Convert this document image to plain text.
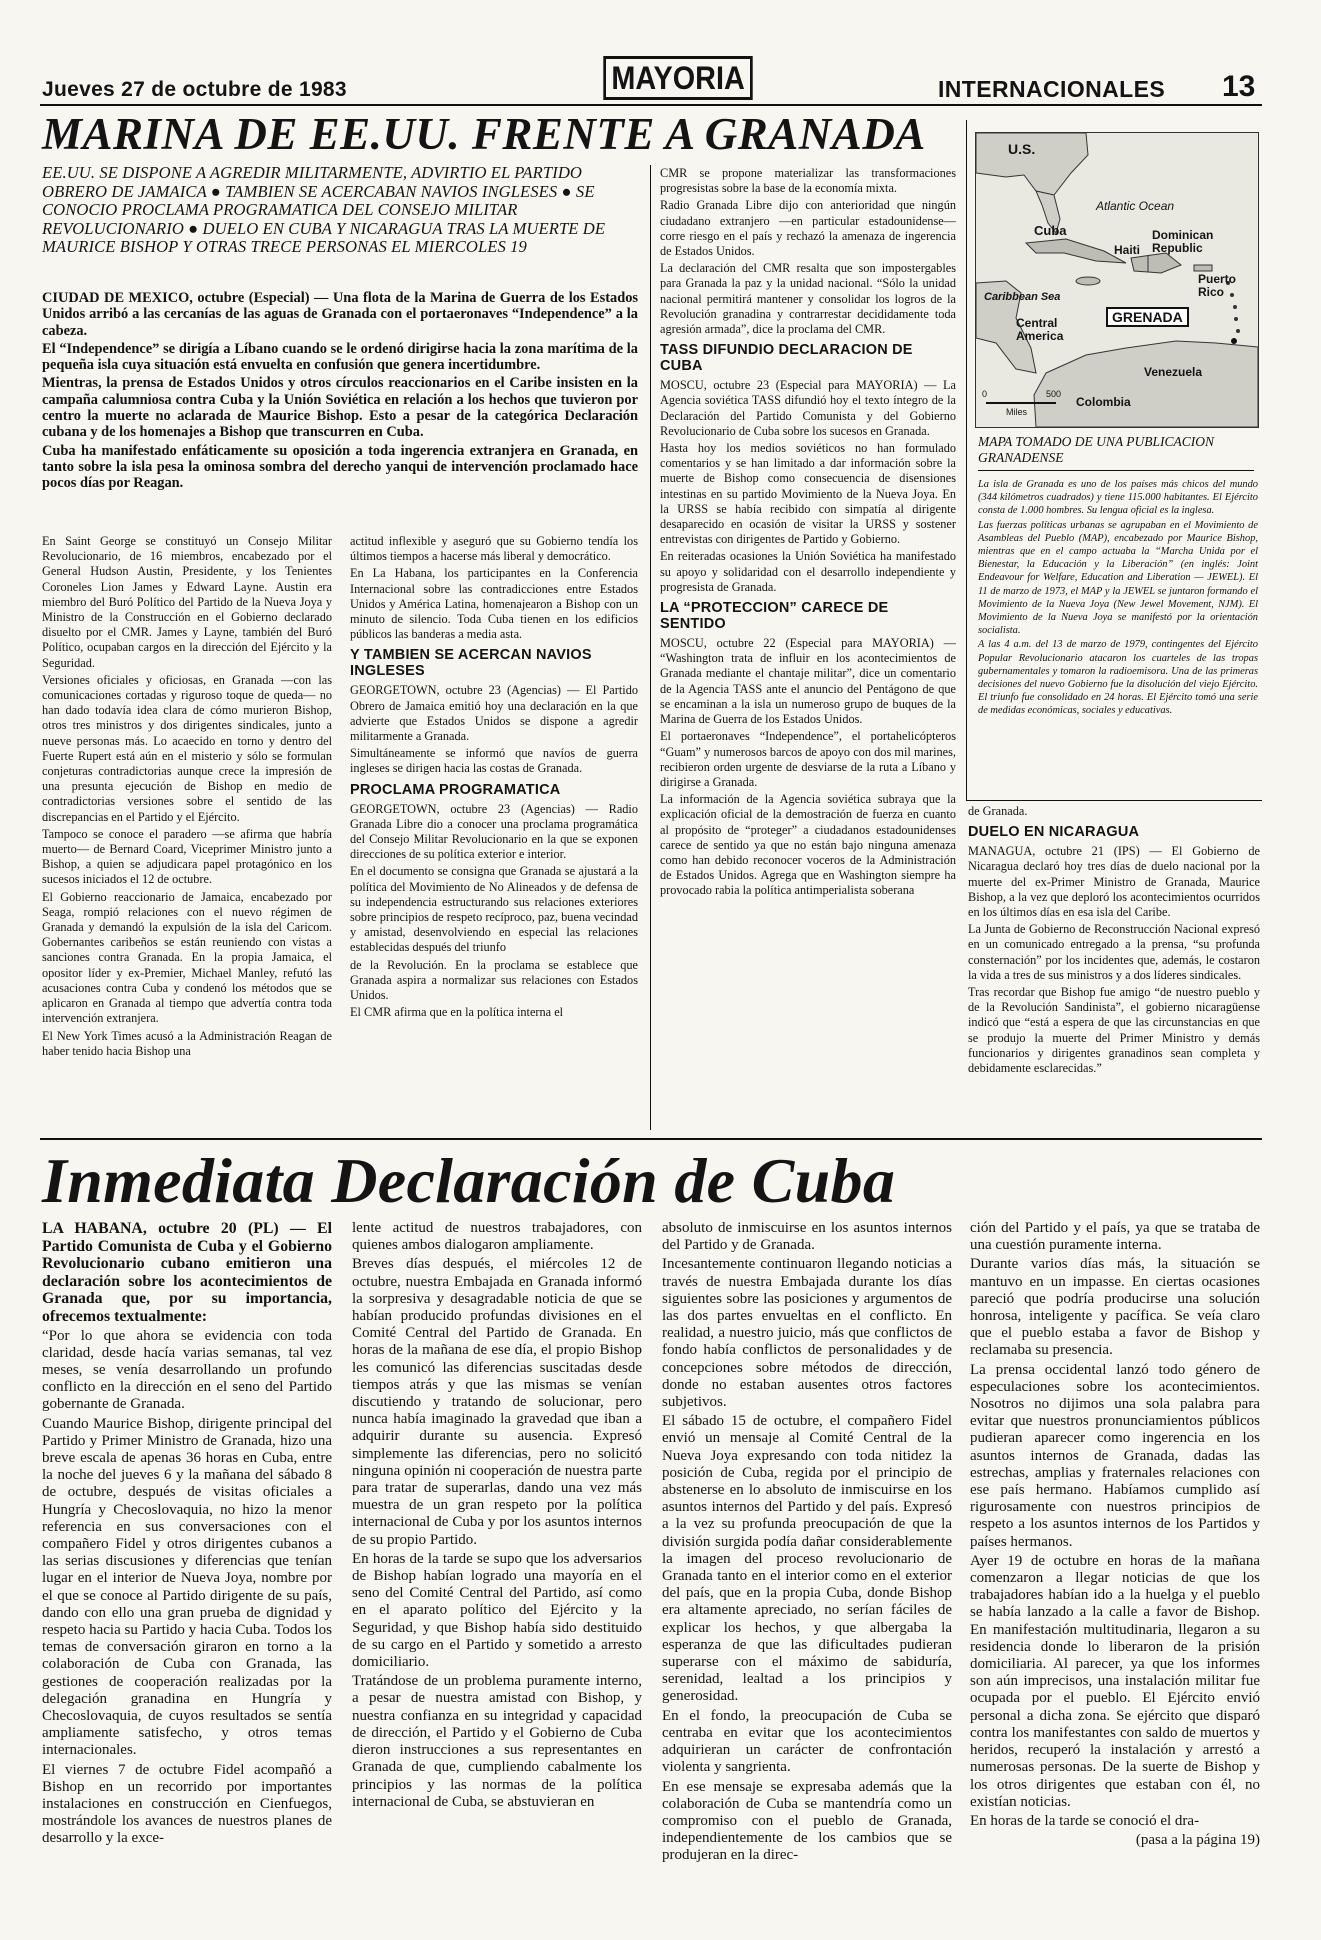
Jueves 27 de octubre de 1983	MAYORIA	INTERNACIONALES 13
MARINA DE EE.UU. FRENTE A GRANADA
EE.UU. SE DISPONE A AGREDIR MILITARMENTE, ADVIRTIO EL PARTIDO OBRERO DE JAMAICA ● TAMBIEN SE ACERCABAN NAVIOS INGLESES ● SE CONOCIO PROCLAMA PROGRAMATICA DEL CONSEJO MILITAR REVOLUCIONARIO ● DUELO EN CUBA Y NICARAGUA TRAS LA MUERTE DE MAURICE BISHOP Y OTRAS TRECE PERSONAS EL MIERCOLES 19

CIUDAD DE MEXICO, octubre (Especial) — Una flota de la Marina de Guerra de los Estados Unidos arribó a las cercanías de las aguas de Granada con el portaeronaves “Independence” a la cabeza.

El “Independence” se dirigía a Líbano cuando se le ordenó dirigirse hacia la zona marítima de la pequeña isla cuya situación está envuelta en confusión que genera incertidumbre.

Mientras, la prensa de Estados Unidos y otros círculos reaccionarios en el Caribe insisten en la campaña calumniosa contra Cuba y la Unión Soviética en relación a los hechos que tuvieron por centro la muerte no aclarada de Maurice Bishop. Esto a pesar de la categórica Declaración cubana y de los homenajes a Bishop que transcurren en Cuba.

Cuba ha manifestado enfáticamente su oposición a toda ingerencia extranjera en Granada, en tanto sobre la isla pesa la ominosa sombra del derecho yanqui de intervención proclamado hace pocos días por Reagan.

En Saint George se constituyó un Consejo Militar Revolucionario, de 16 miembros, encabezado por el General Hudson Austin, Presidente, y los Tenientes Coroneles Lion James y Edward Layne. Austin era miembro del Buró Político del Partido de la Nueva Joya y Ministro de la Construcción en el Gobierno declarado disuelto por el CMR. James y Layne, también del Buró Político, ocupaban cargos en la dirección del Ejército y la Seguridad.

Versiones oficiales y oficiosas, en Granada —con las comunicaciones cortadas y riguroso toque de queda— no han dado todavía idea clara de cómo murieron Bishop, otros tres ministros y dos dirigentes sindicales, junto a nueve personas más. Lo acaecido en torno y dentro del Fuerte Rupert está aún en el misterio y sólo se formulan conjeturas contradictorias aunque crece la impresión de una presunta ejecución de Bishop en medio de contradictorias versiones sobre el sentido de las discrepancias en el Partido y el Ejército.

Tampoco se conoce el paradero —se afirma que habría muerto— de Bernard Coard, Viceprimer Ministro junto a Bishop, a quien se adjudicara papel protagónico en los sucesos iniciados el 12 de octubre.

El Gobierno reaccionario de Jamaica, encabezado por Seaga, rompió relaciones con el nuevo régimen de Granada y demandó la expulsión de la isla del Caricom. Gobernantes caribeños se están reuniendo con vistas a sanciones contra Granada. En la propia Jamaica, el opositor líder y ex-Premier, Michael Manley, refutó las acusaciones contra Cuba y condenó los métodos que se aplicaron en Granada al tiempo que advertía contra toda intervención extranjera.

El New York Times acusó a la Administración Reagan de haber tenido hacia Bishop una

actitud inflexible y aseguró que su Gobierno tendía los últimos tiempos a hacerse más liberal y democrático.

En La Habana, los participantes en la Conferencia Internacional sobre las contradicciones entre Estados Unidos y América Latina, homenajearon a Bishop con un minuto de silencio. Toda Cuba tienen en los edificios públicos las banderas a media asta.

Y TAMBIEN SE ACERCAN NAVIOS INGLESES

GEORGETOWN, octubre 23 (Agencias) — El Partido Obrero de Jamaica emitió hoy una declaración en la que advierte que Estados Unidos se dispone a agredir militarmente a Granada.

Simultáneamente se informó que navíos de guerra ingleses se dirigen hacia las costas de Granada.

PROCLAMA PROGRAMATICA

GEORGETOWN, octubre 23 (Agencias) — Radio Granada Libre dio a conocer una proclama programática del Consejo Militar Revolucionario en la que se exponen direcciones de su política exterior e interior.

En el documento se consigna que Granada se ajustará a la política del Movimiento de No Alineados y de defensa de su independencia estructurando sus relaciones exteriores sobre principios de respeto recíproco, paz, buena vecindad y amistad, desenvolviendo en especial las relaciones establecidas después del triunfo

de la Revolución. En la proclama se establece que Granada aspira a normalizar sus relaciones con Estados Unidos.

El CMR afirma que en la política interna el

CMR se propone materializar las transformaciones progresistas sobre la base de la economía mixta.

Radio Granada Libre dijo con anterioridad que ningún ciudadano extranjero —en particular estadounidense— corre riesgo en el país y rechazó la amenaza de ingerencia de Estados Unidos.

La declaración del CMR resalta que son impostergables para Granada la paz y la unidad nacional. “Sólo la unidad nacional permitirá mantener y consolidar los logros de la Revolución granadina y contrarrestar decididamente toda agresión armada”, dice la proclama del CMR.

TASS DIFUNDIO DECLARACION DE CUBA

MOSCU, octubre 23 (Especial para MAYORIA) — La Agencia soviética TASS difundió hoy el texto íntegro de la Declaración del Partido Comunista y del Gobierno Revolucionario de Cuba sobre los sucesos en Granada.

Hasta hoy los medios soviéticos no han formulado comentarios y se han limitado a dar información sobre la muerte de Bishop como consecuencia de disensiones intestinas en su partido Movimiento de la Nueva Joya. En la URSS se había recibido con simpatía al dirigente desaparecido en ocasión de visitar la URSS y sostener entrevistas con dirigentes de Partido y Gobierno.

En reiteradas ocasiones la Unión Soviética ha manifestado su apoyo y solidaridad con el desarrollo independiente y progresista de Granada.

LA “PROTECCION” CARECE DE SENTIDO

MOSCU, octubre 22 (Especial para MAYORIA) — “Washington trata de influir en los acontecimientos de Granada mediante el chantaje militar”, dice un comentario de la Agencia TASS ante el anuncio del Pentágono de que se encaminan a la isla un numeroso grupo de buques de la Marina de Guerra de los Estados Unidos.

El portaeronaves “Independence”, el portahelicópteros “Guam” y numerosos barcos de apoyo con dos mil marines, recibieron orden urgente de desviarse de la ruta a Líbano y dirigirse a Granada.

La información de la Agencia soviética subraya que la explicación oficial de la demostración de fuerza en cuanto al propósito de “proteger” a ciudadanos estadounidenses carece de sentido ya que no están bajo ninguna amenaza como han debido reconocer voceros de la Administración de Estados Unidos. Agrega que en Washington siempre ha provocado rabia la política antimperialista soberana

U.S.
Atlantic Ocean
Cuba	Dominican Republic
Haiti
Puerto Rico
Caribbean Sea
Central America
GRENADA
Venezuela
Colombia
0	500
Miles
MAPA TOMADO DE UNA PUBLICACION GRANADENSE

La isla de Granada es uno de los países más chicos del mundo (344 kilómetros cuadrados) y tiene 115.000 habitantes. El Ejército consta de 1.000 hombres. Su lengua oficial es la inglesa.

Las fuerzas políticas urbanas se agrupaban en el Movimiento de Asambleas del Pueblo (MAP), encabezado por Maurice Bishop, mientras que en el campo actuaba la “Marcha Unida por el Bienestar, la Educación y la Liberación” (en inglés: Joint Endeavour for Welfare, Education and Liberation — JEWEL). El 11 de marzo de 1973, el MAP y la JEWEL se juntaron formando el Movimiento de la Nueva Joya (New Jewel Movement, NJM). El Movimiento de la Nueva Joya se manifestó por la orientación socialista.

A las 4 a.m. del 13 de marzo de 1979, contingentes del Ejército Popular Revolucionario atacaron los cuarteles de las tropas gubernamentales y tomaron la radioemisora. Una de las primeras decisiones del nuevo Gobierno fue la disolución del viejo Ejército. El triunfo fue consolidado en 24 horas. El Ejército tomó una serie de medidas económicas, sociales y educativas.

de Granada.

DUELO EN NICARAGUA

MANAGUA, octubre 21 (IPS) — El Gobierno de Nicaragua declaró hoy tres días de duelo nacional por la muerte del ex-Primer Ministro de Granada, Maurice Bishop, a la vez que deploró los acontecimientos ocurridos en los últimos días en esa isla del Caribe.

La Junta de Gobierno de Reconstrucción Nacional expresó en un comunicado entregado a la prensa, “su profunda consternación” por los incidentes que, además, le costaron la vida a tres de sus ministros y a dos líderes sindicales.

Tras recordar que Bishop fue amigo “de nuestro pueblo y de la Revolución Sandinista”, el gobierno nicaragüense indicó que “está a espera de que las circunstancias en que se produjo la muerte del Primer Ministro y demás funcionarios y dirigentes granadinos sean completa y debidamente esclarecidas.”

Inmediata Declaración de Cuba

LA HABANA, octubre 20 (PL) — El Partido Comunista de Cuba y el Gobierno Revolucionario cubano emitieron una declaración sobre los acontecimientos de Granada que, por su importancia, ofrecemos textualmente:

“Por lo que ahora se evidencia con toda claridad, desde hacía varias semanas, tal vez meses, se venía desarrollando un profundo conflicto en la dirección en el seno del Partido gobernante de Granada.

Cuando Maurice Bishop, dirigente principal del Partido y Primer Ministro de Granada, hizo una breve escala de apenas 36 horas en Cuba, entre la noche del jueves 6 y la mañana del sábado 8 de octubre, después de visitas oficiales a Hungría y Checoslovaquia, no hizo la menor referencia en sus conversaciones con el compañero Fidel y otros dirigentes cubanos a las serias discusiones y diferencias que tenían lugar en el interior de Nueva Joya, nombre por el que se conoce al Partido dirigente de su país, dando con ello una gran prueba de dignidad y respeto hacia su Partido y hacia Cuba. Todos los temas de conversación giraron en torno a la colaboración de Cuba con Granada, las gestiones de cooperación realizadas por la delegación granadina en Hungría y Checoslovaquia, de cuyos resultados se sentía ampliamente satisfecho, y otros temas internacionales.

El viernes 7 de octubre Fidel acompañó a Bishop en un recorrido por importantes instalaciones en construcción en Cienfuegos, mostrándole los avances de nuestros planes de desarrollo y la exce-

lente actitud de nuestros trabajadores, con quienes ambos dialogaron ampliamente.

Breves días después, el miércoles 12 de octubre, nuestra Embajada en Granada informó la sorpresiva y desagradable noticia de que se habían producido profundas divisiones en el Comité Central del Partido de Granada. En horas de la mañana de ese día, el propio Bishop les comunicó las diferencias suscitadas desde tiempos atrás y que las mismas se venían discutiendo y tratando de solucionar, pero nunca había imaginado la gravedad que iban a adquirir durante su ausencia. Expresó simplemente las diferencias, pero no solicitó ninguna opinión ni cooperación de nuestra parte para tratar de superarlas, dando una vez más muestra de un gran respeto por la política internacional de Cuba y por los asuntos internos de su propio Partido.

En horas de la tarde se supo que los adversarios de Bishop habían logrado una mayoría en el seno del Comité Central del Partido, así como en el aparato político del Ejército y la Seguridad, y que Bishop había sido destituido de su cargo en el Partido y sometido a arresto domiciliario.

Tratándose de un problema puramente interno, a pesar de nuestra amistad con Bishop, y nuestra confianza en su integridad y capacidad de dirección, el Partido y el Gobierno de Cuba dieron instrucciones a sus representantes en Granada de que, cumpliendo cabalmente los principios y las normas de la política internacional de Cuba, se abstuvieran en

absoluto de inmiscuirse en los asuntos internos del Partido y de Granada.

Incesantemente continuaron llegando noticias a través de nuestra Embajada durante los días siguientes sobre las posiciones y argumentos de las dos partes envueltas en el conflicto. En realidad, a nuestro juicio, más que conflictos de fondo había conflictos de personalidades y de concepciones sobre métodos de dirección, donde no estaban ausentes otros factores subjetivos.

El sábado 15 de octubre, el compañero Fidel envió un mensaje al Comité Central de la Nueva Joya expresando con toda nitidez la posición de Cuba, regida por el principio de abstenerse en lo absoluto de inmiscuirse en los asuntos internos del Partido y del país. Expresó a la vez su profunda preocupación de que la división surgida podía dañar considerablemente la imagen del proceso revolucionario de Granada tanto en el interior como en el exterior del país, que en la propia Cuba, donde Bishop era altamente apreciado, no serían fáciles de explicar los hechos, y que albergaba la esperanza de que las dificultades pudieran superarse con el máximo de sabiduría, serenidad, lealtad a los principios y generosidad.

En el fondo, la preocupación de Cuba se centraba en evitar que los acontecimientos adquirieran un carácter de confrontación violenta y sangrienta.

En ese mensaje se expresaba además que la colaboración de Cuba se mantendría como un compromiso con el pueblo de Granada, independientemente de los cambios que se produjeran en la direc-

ción del Partido y el país, ya que se trataba de una cuestión puramente interna.

Durante varios días más, la situación se mantuvo en un impasse. En ciertas ocasiones pareció que podría producirse una solución honrosa, inteligente y pacífica. Se veía claro que el pueblo estaba a favor de Bishop y reclamaba su presencia.

La prensa occidental lanzó todo género de especulaciones sobre los acontecimientos. Nosotros no dijimos una sola palabra para evitar que nuestros pronunciamientos públicos pudieran aparecer como ingerencia en los asuntos internos de Granada, dadas las estrechas, amplias y fraternales relaciones con ese país hermano. Habíamos cumplido así rigurosamente con nuestros principios de respeto a los asuntos internos de los Partidos y países hermanos.

Ayer 19 de octubre en horas de la mañana comenzaron a llegar noticias de que los trabajadores habían ido a la huelga y el pueblo se había lanzado a la calle a favor de Bishop. En manifestación multitudinaria, llegaron a su residencia donde lo liberaron de la prisión domiciliaria. Al parecer, ya que los informes son aún imprecisos, una instalación militar fue ocupada por el pueblo. El Ejército envió personal a dicha zona. Se ejército que disparó contra los manifestantes con saldo de muertos y heridos, recuperó la instalación y arrestó a numerosas personas. De la suerte de Bishop y los otros dirigentes que estaban con él, no existían noticias.

En horas de la tarde se conoció el dra-

(pasa a la página 19)
